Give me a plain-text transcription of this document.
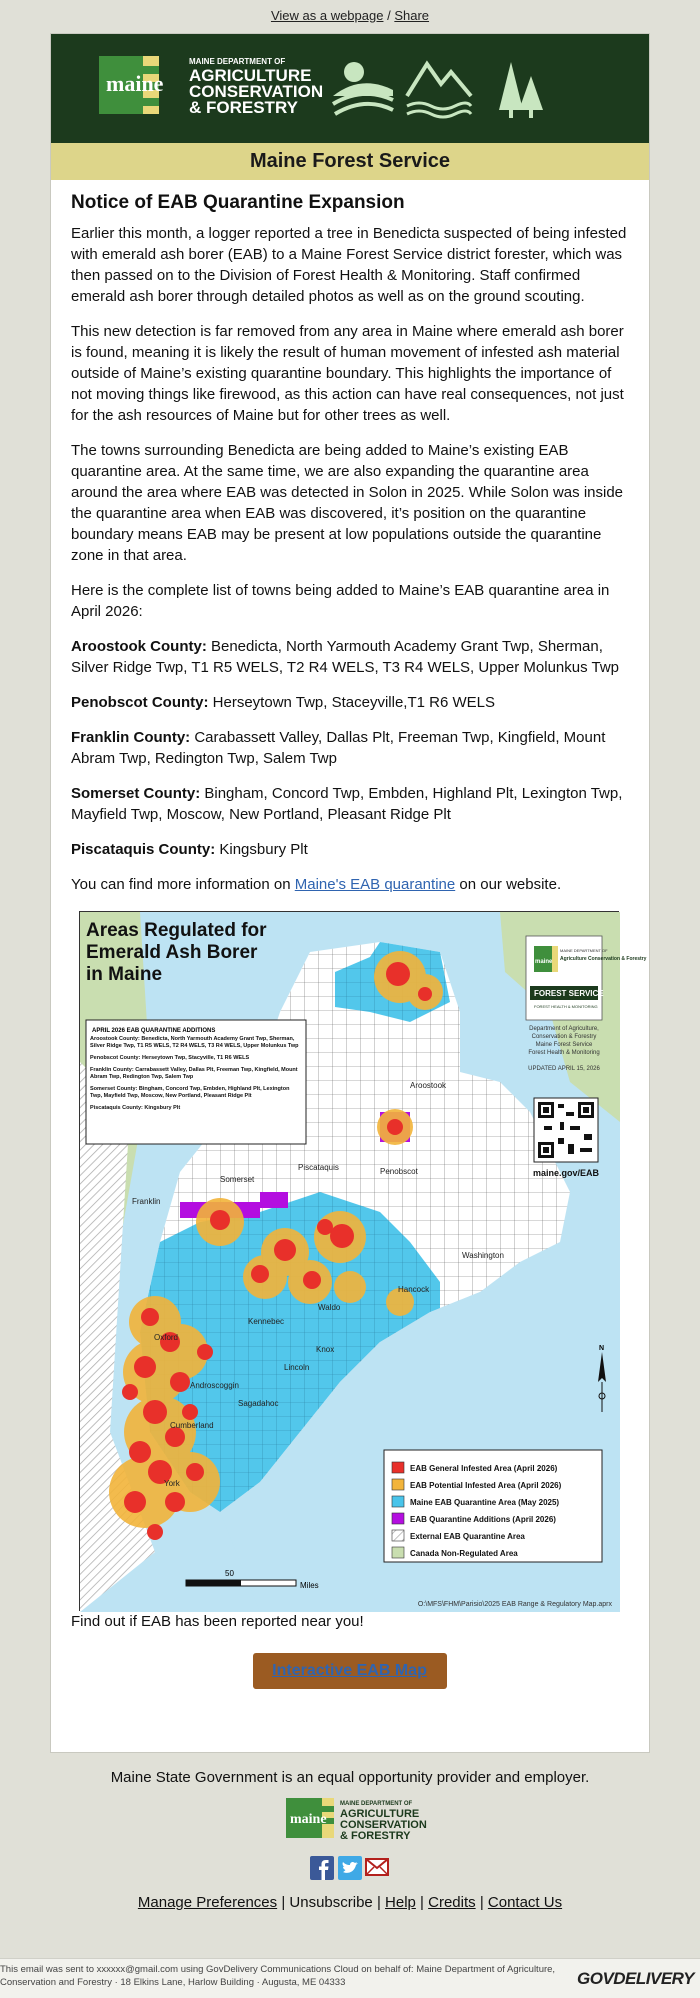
View as a webpage / Share
maine
MAINE DEPARTMENT OF
AGRICULTURE
CONSERVATION
& FORESTRY
Maine Forest Service
Notice of EAB Quarantine Expansion

Earlier this month, a logger reported a tree in Benedicta suspected of being infested with emerald ash borer (EAB) to a Maine Forest Service district forester, which was then passed on to the Division of Forest Health & Monitoring. Staff confirmed emerald ash borer through detailed photos as well as on the ground scouting.

This new detection is far removed from any area in Maine where emerald ash borer is found, meaning it is likely the result of human movement of infested ash material outside of Maine’s existing quarantine boundary. This highlights the importance of not moving things like firewood, as this action can have real consequences, not just for the ash resources of Maine but for other trees as well.

The towns surrounding Benedicta are being added to Maine’s existing EAB quarantine area. At the same time, we are also expanding the quarantine area around the area where EAB was detected in Solon in 2025. While Solon was inside the quarantine area when EAB was discovered, it’s position on the quarantine boundary means EAB may be present at low populations outside the quarantine zone in that area.

Here is the complete list of towns being added to Maine’s EAB quarantine area in April 2026:

Aroostook County: Benedicta, North Yarmouth Academy Grant Twp, Sherman, Silver Ridge Twp, T1 R5 WELS, T2 R4 WELS, T3 R4 WELS, Upper Molunkus Twp

Penobscot County: Herseytown Twp, Staceyville,T1 R6 WELS

Franklin County: Carabassett Valley, Dallas Plt, Freeman Twp, Kingfield, Mount Abram Twp, Redington Twp, Salem Twp

Somerset County: Bingham, Concord Twp, Embden, Highland Plt, Lexington Twp, Mayfield Twp, Moscow, New Portland, Pleasant Ridge Plt

Piscataquis County: Kingsbury Plt

You can find more information on Maine's EAB quarantine on our website.

Areas Regulated for
Emerald Ash Borer
in Maine
APRIL 2026 EAB QUARANTINE ADDITIONS
Aroostook County: Benedicta, North Yarmouth Academy Grant Twp, Sherman, Silver Ridge Twp, T1 R5 WELS, T2 R4 WELS, T3 R4 WELS, Upper Molunkus Twp
Penobscot County: Herseytown Twp, Stacyville, T1 R6 WELS
Franklin County: Carrabassett Valley, Dallas Plt, Freeman Twp, Kingfield, Mount Abram Twp, Redington Twp, Salem Twp
Somerset County: Bingham, Concord Twp, Embden, Highland Plt, Lexington Twp, Mayfield Twp, Moscow, New Portland, Pleasant Ridge Plt
Piscataquis County: Kingsbury Plt
maine
MAINE DEPARTMENT OF
Agriculture Conservation & Forestry
FOREST SERVICE
FOREST HEALTH & MONITORING
Department of Agriculture,
Conservation & Forestry
Maine Forest Service
Forest Health & Monitoring
UPDATED APRIL 15, 2026
maine.gov/EAB
Aroostook
Franklin
Somerset
Piscataquis	Penobscot
Washington
Hancock
Waldo
Kennebec
Oxford
Androscoggin
Sagadahoc
Lincoln
Knox
Cumberland
York
N
EAB General Infested Area (April 2026)
EAB Potential Infested Area (April 2026)
Maine EAB Quarantine Area (May 2025)
EAB Quarantine Additions (April 2026)
External EAB Quarantine Area
Canada Non-Regulated Area
50
Miles
O:\MFS\FHM\Parisio\2025 EAB Range & Regulatory Map.aprx

Find out if EAB has been reported near you!

Interactive EAB Map
Maine State Government is an equal opportunity provider and employer.
maine
MAINE DEPARTMENT OF
AGRICULTURE
CONSERVATION
& FORESTRY
Manage Preferences | Unsubscribe | Help | Credits | Contact Us
This email was sent to xxxxxx@gmail.com using GovDelivery Communications Cloud on behalf of: Maine Department of Agriculture, Conservation and Forestry · 18 Elkins Lane, Harlow Building · Augusta, ME 04333	GOVDELIVERY
